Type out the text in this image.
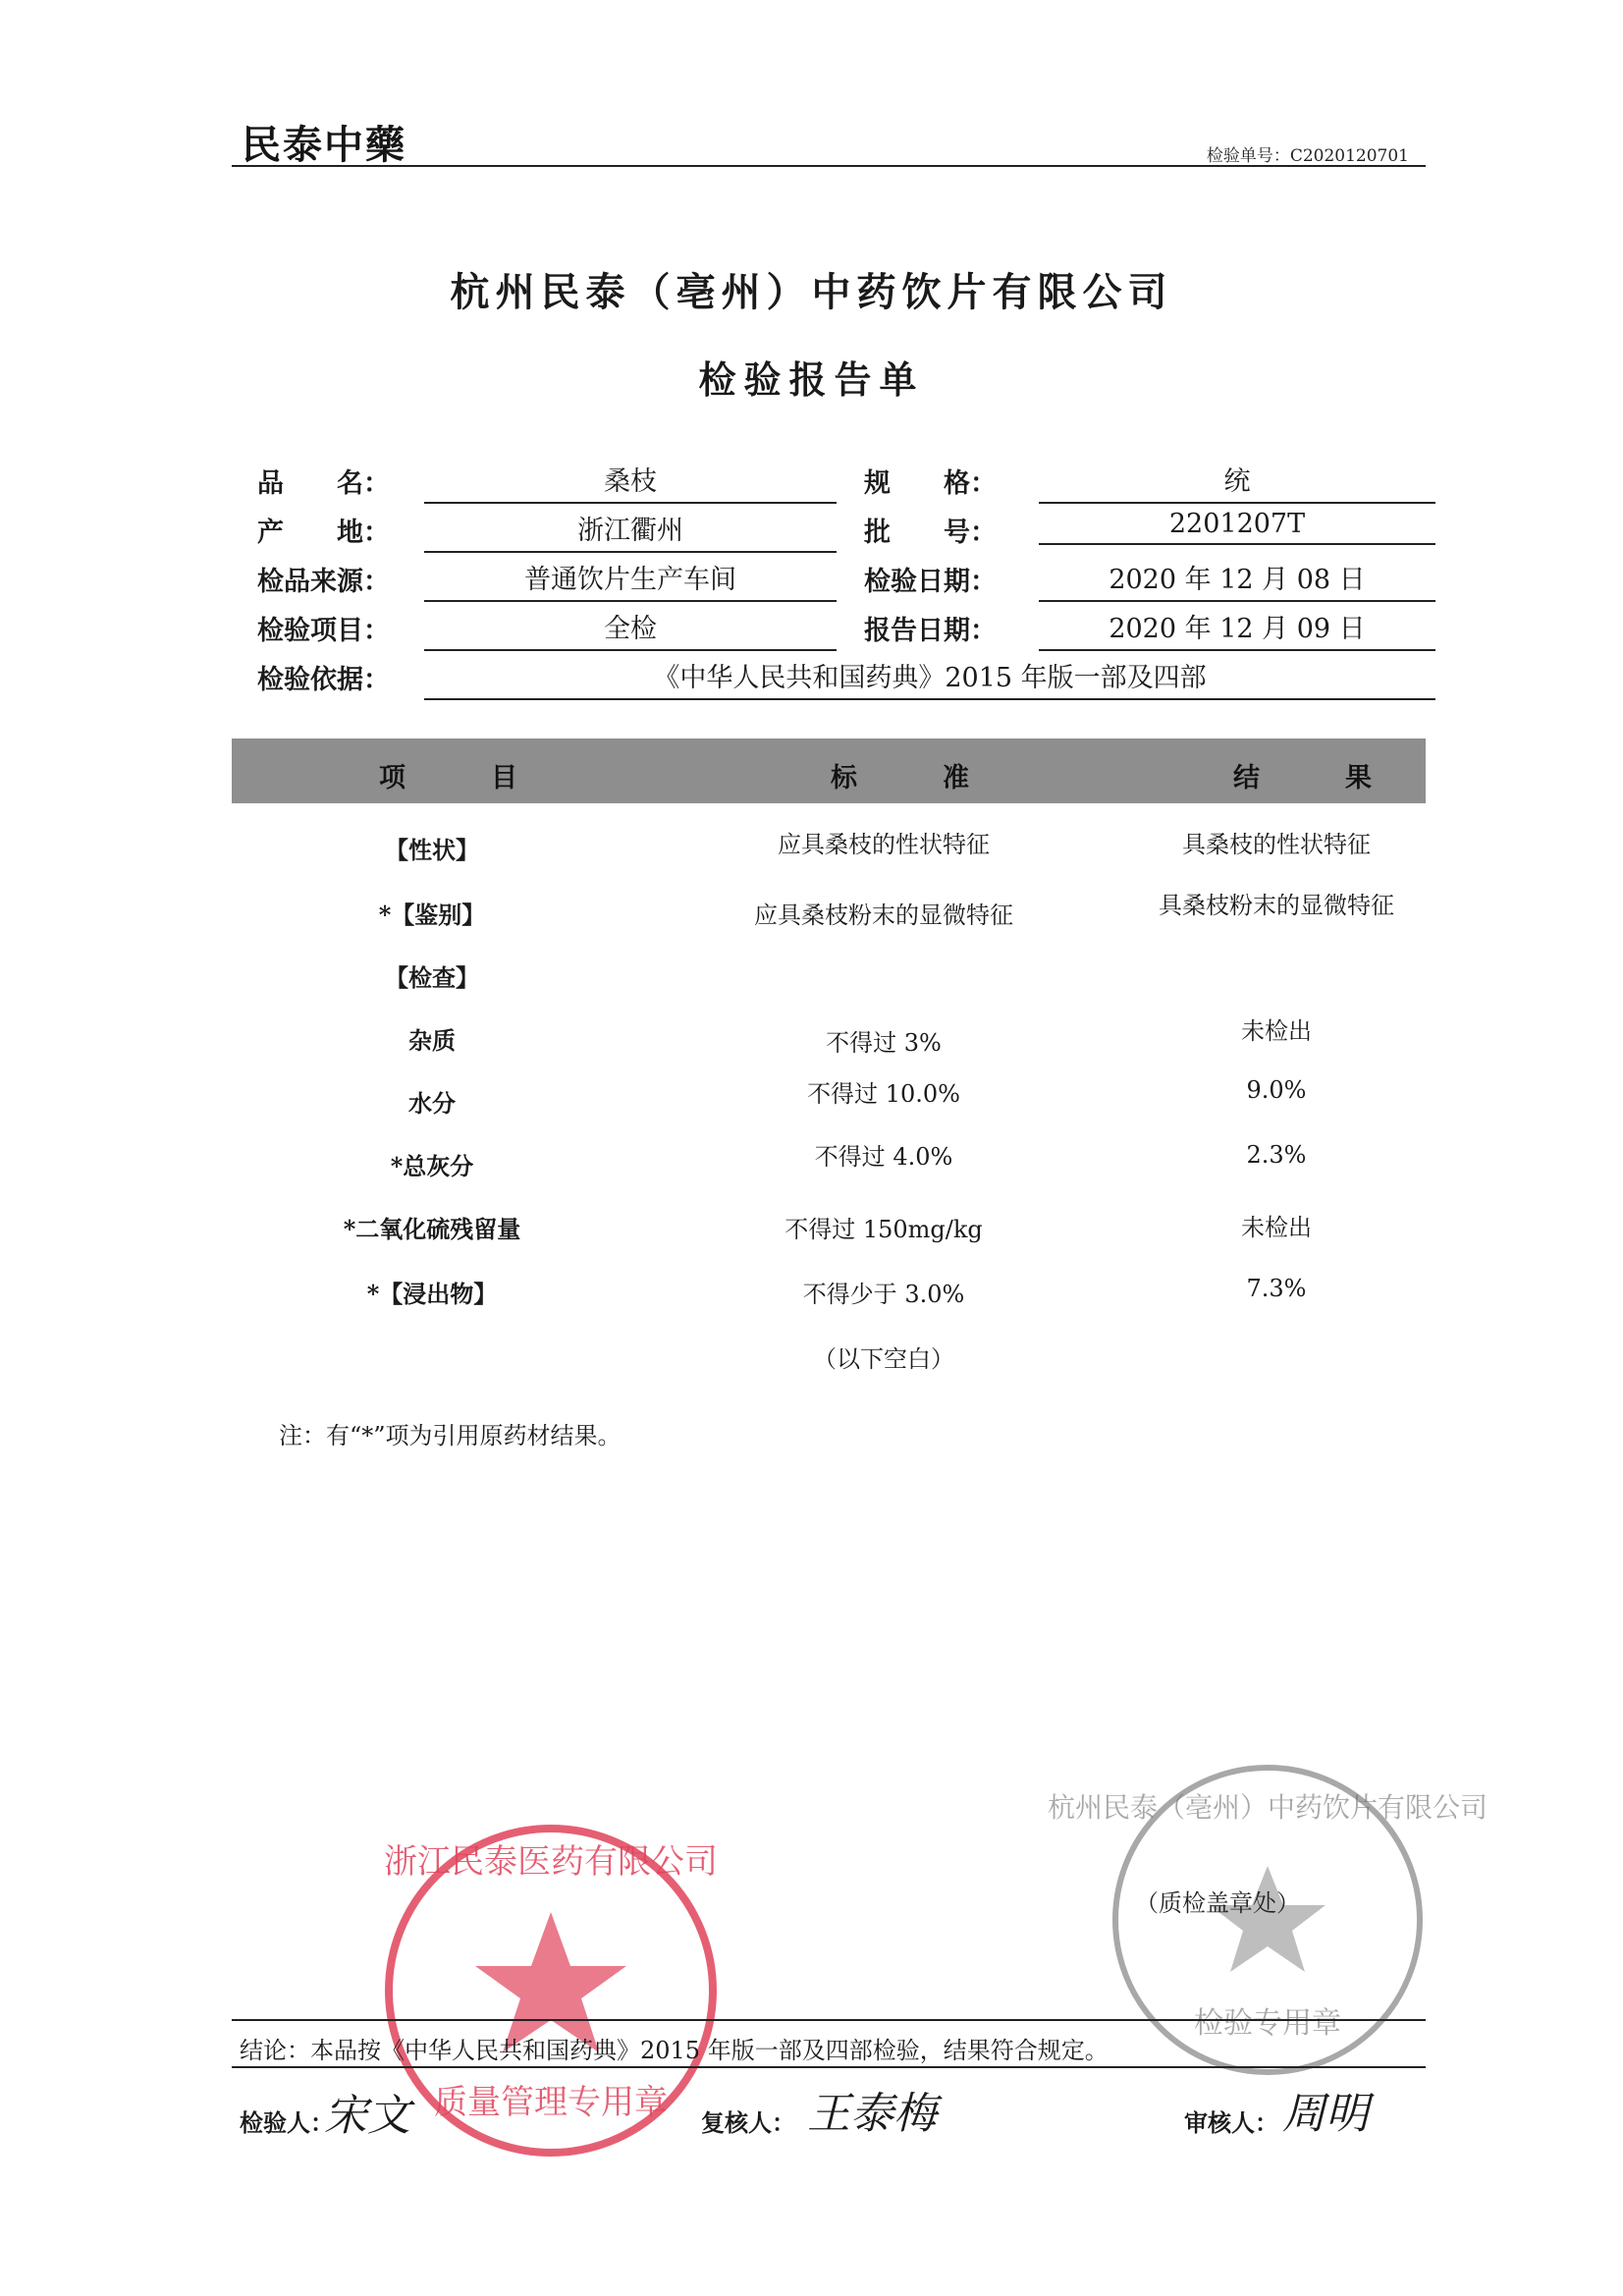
民泰中藥	检验单号：C2020120701
杭州民泰（亳州）中药饮片有限公司
检验报告单
品　　名：	桑枝	规　　格：	统
产　　地：	浙江衢州	批　　号：	2201207T
检品来源：	普通饮片生产车间	检验日期：	2020 年 12 月 08 日
检验项目：	全检	报告日期：	2020 年 12 月 09 日
检验依据：	《中华人民共和国药典》2015 年版一部及四部
项　目	标　准	结　果
【性状】	应具桑枝的性状特征	具桑枝的性状特征
*【鉴别】	应具桑枝粉末的显微特征	具桑枝粉末的显微特征
【检查】
杂质	不得过 3%	未检出
水分	不得过 10.0%	9.0%
*总灰分	不得过 4.0%	2.3%
*二氧化硫残留量	不得过 150mg/kg	未检出
*【浸出物】	不得少于 3.0%	7.3%
（以下空白）
注：有“*”项为引用原药材结果。
浙江民泰医药有限公司
质量管理专用章
杭州民泰（亳州）中药饮片有限公司
检验专用章
（质检盖章处）
结论：本品按《中华人民共和国药典》2015 年版一部及四部检验，结果符合规定。
检验人：
宋文	复核人： 王泰梅	审核人： 周明
